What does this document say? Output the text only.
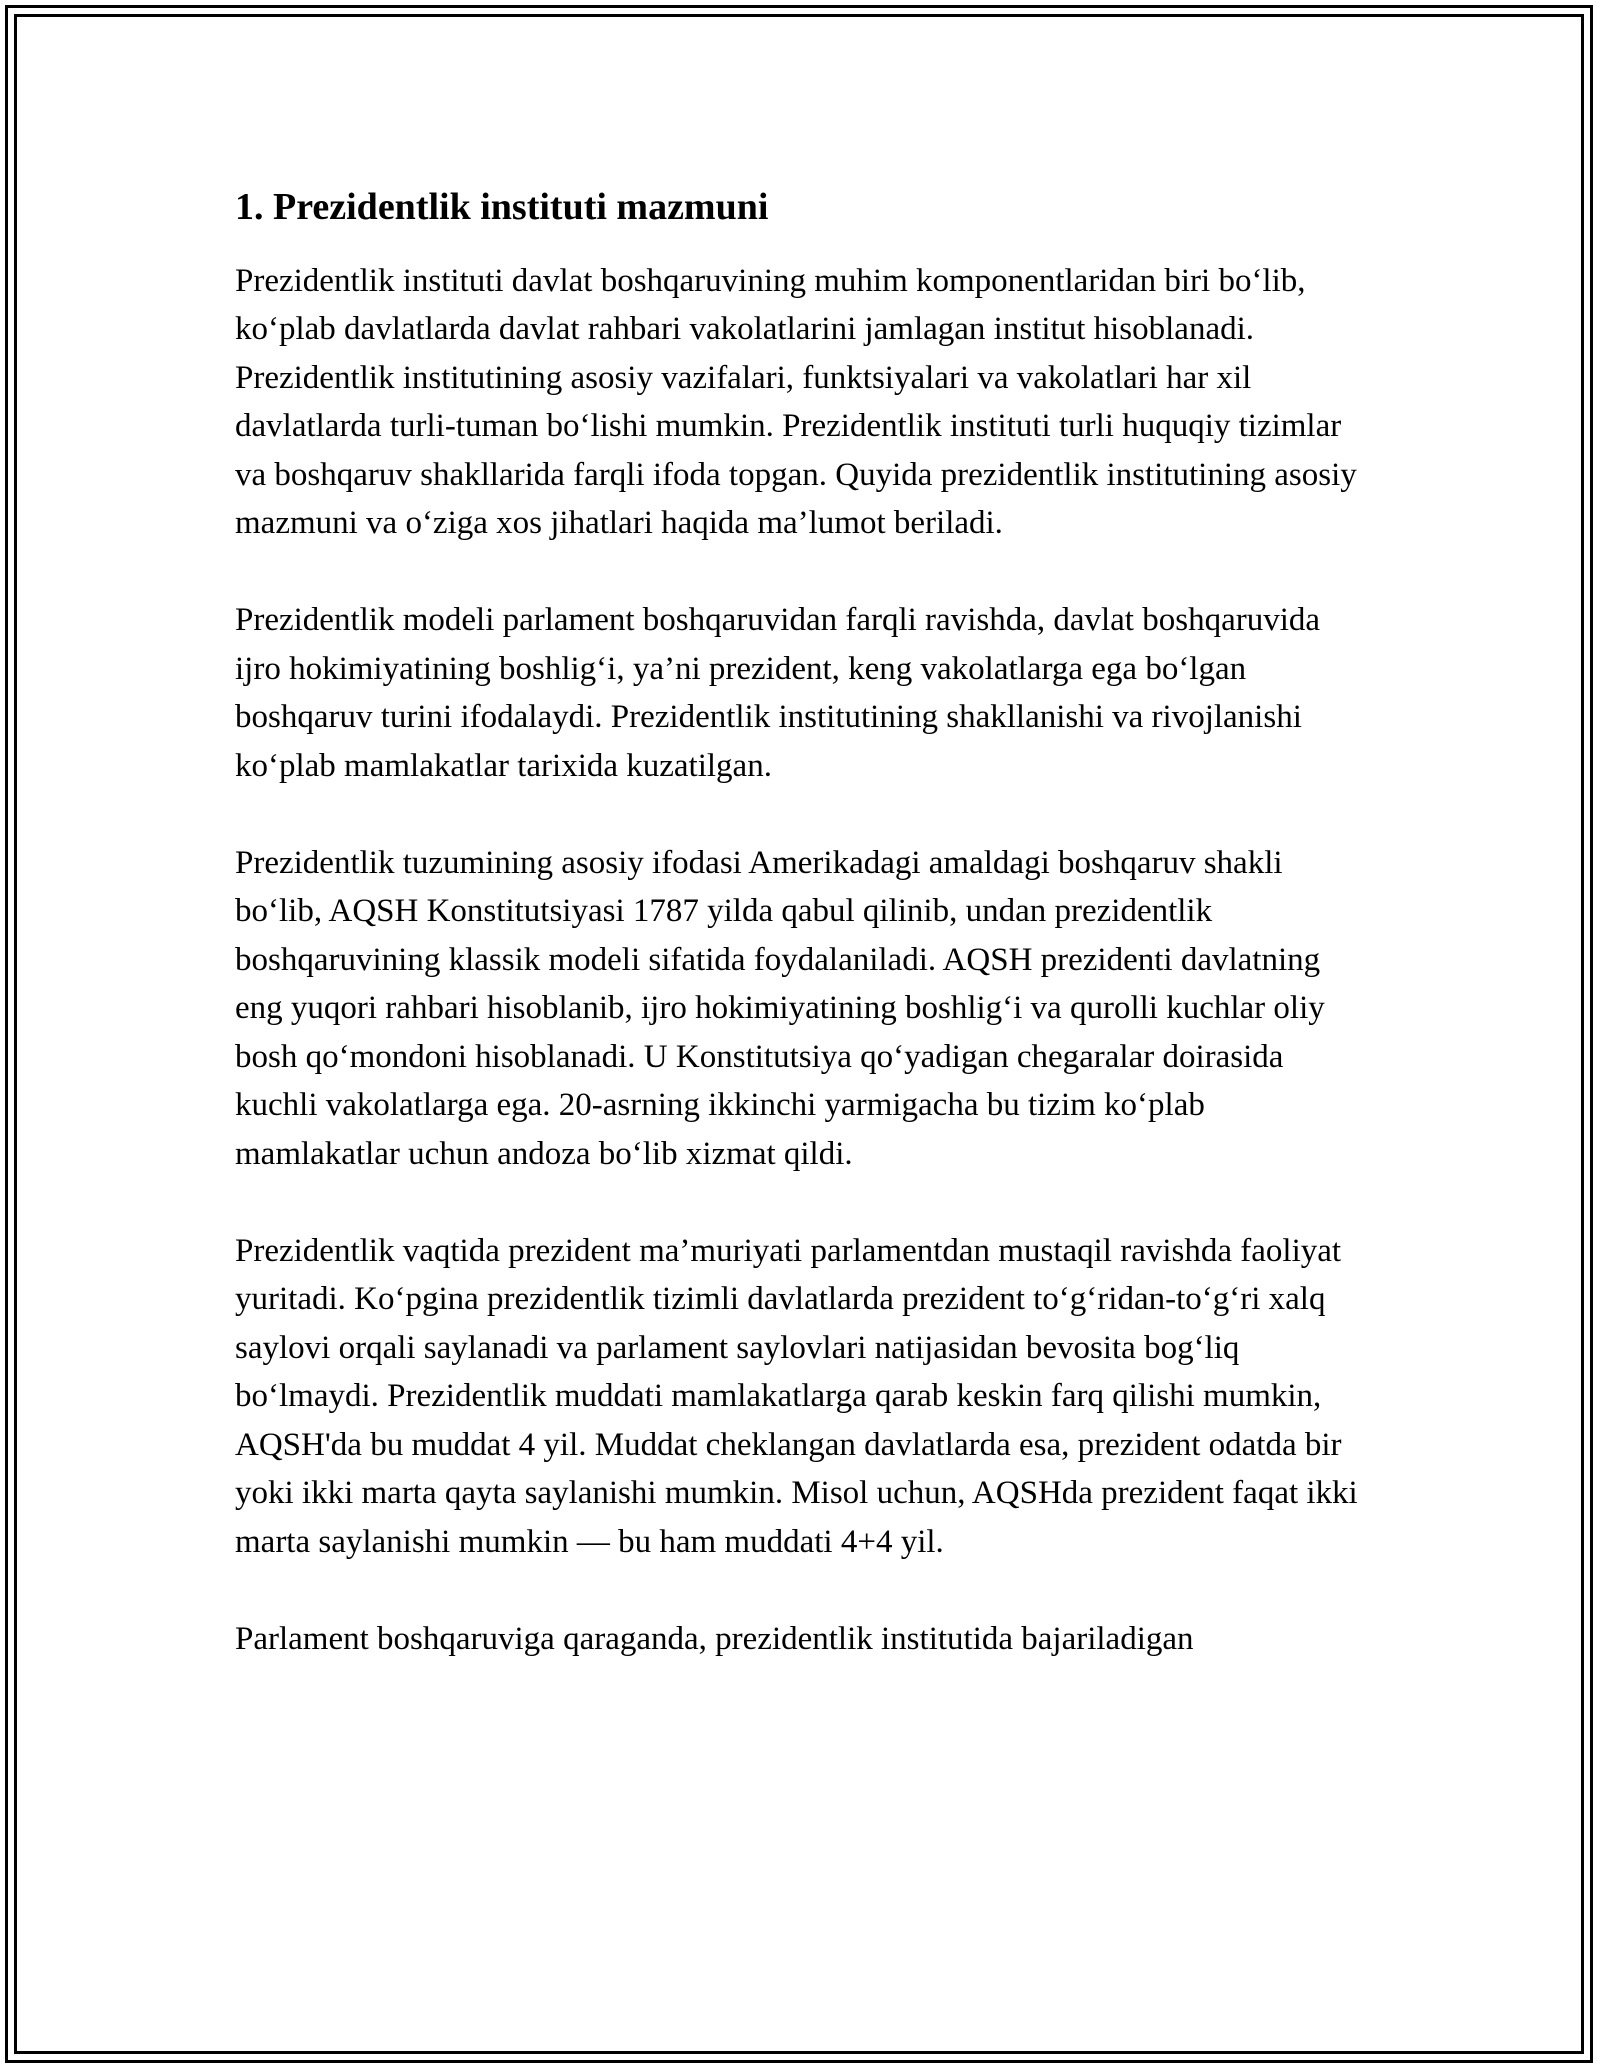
1. Prezidentlik instituti mazmuni

Prezidentlik instituti davlat boshqaruvining muhim komponentlaridan biri bo‘lib, ko‘plab davlatlarda davlat rahbari vakolatlarini jamlagan institut hisoblanadi. Prezidentlik institutining asosiy vazifalari, funktsiyalari va vakolatlari har xil davlatlarda turli-tuman bo‘lishi mumkin. Prezidentlik instituti turli huquqiy tizimlar va boshqaruv shakllarida farqli ifoda topgan. Quyida prezidentlik institutining asosiy mazmuni va o‘ziga xos jihatlari haqida ma’lumot beriladi.

Prezidentlik modeli parlament boshqaruvidan farqli ravishda, davlat boshqaruvida ijro hokimiyatining boshlig‘i, ya’ni prezident, keng vakolatlarga ega bo‘lgan boshqaruv turini ifodalaydi. Prezidentlik institutining shakllanishi va rivojlanishi ko‘plab mamlakatlar tarixida kuzatilgan.

Prezidentlik tuzumining asosiy ifodasi Amerikadagi amaldagi boshqaruv shakli bo‘lib, AQSH Konstitutsiyasi 1787 yilda qabul qilinib, undan prezidentlik boshqaruvining klassik modeli sifatida foydalaniladi. AQSH prezidenti davlatning eng yuqori rahbari hisoblanib, ijro hokimiyatining boshlig‘i va qurolli kuchlar oliy bosh qo‘mondoni hisoblanadi. U Konstitutsiya qo‘yadigan chegaralar doirasida kuchli vakolatlarga ega. 20-asrning ikkinchi yarmigacha bu tizim ko‘plab mamlakatlar uchun andoza bo‘lib xizmat qildi.

Prezidentlik vaqtida prezident ma’muriyati parlamentdan mustaqil ravishda faoliyat yuritadi. Ko‘pgina prezidentlik tizimli davlatlarda prezident to‘g‘ridan-to‘g‘ri xalq saylovi orqali saylanadi va parlament saylovlari natijasidan bevosita bog‘liq bo‘lmaydi. Prezidentlik muddati mamlakatlarga qarab keskin farq qilishi mumkin, AQSH'da bu muddat 4 yil. Muddat cheklangan davlatlarda esa, prezident odatda bir yoki ikki marta qayta saylanishi mumkin. Misol uchun, AQSHda prezident faqat ikki marta saylanishi mumkin — bu ham muddati 4+4 yil.

Parlament boshqaruviga qaraganda, prezidentlik institutida bajariladigan
